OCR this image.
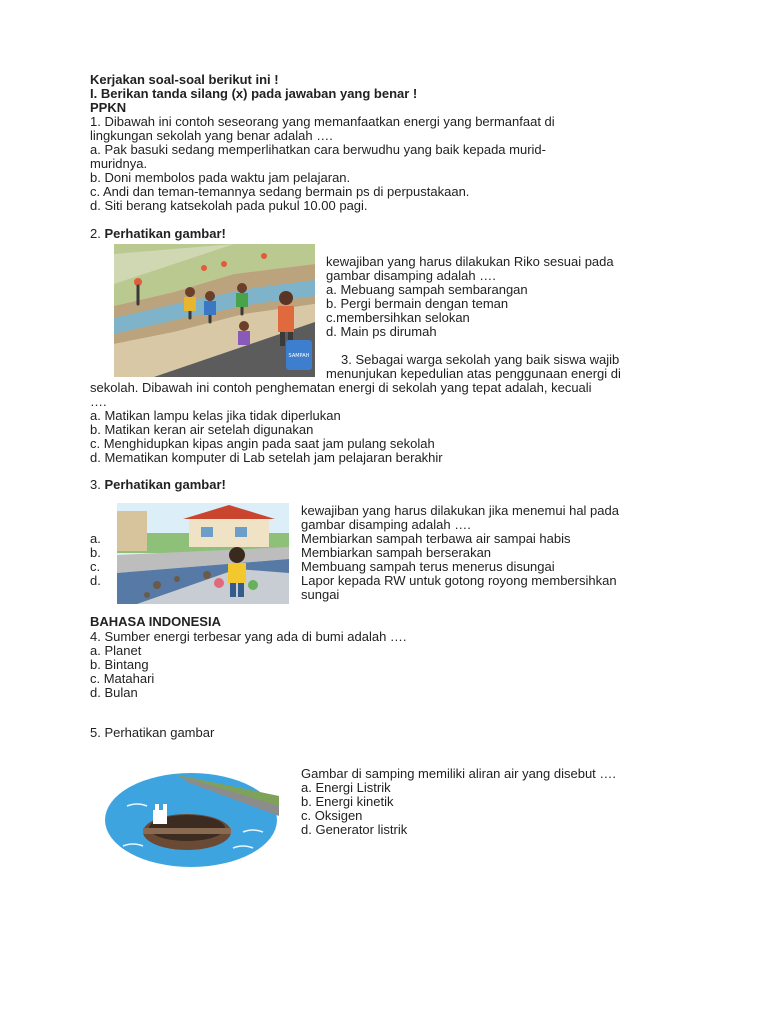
Kerjakan soal-soal berikut ini !
I. Berikan tanda silang (x) pada jawaban yang benar !
PPKN
1. Dibawah ini contoh seseorang yang memanfaatkan energi yang bermanfaat di
lingkungan sekolah yang benar adalah ….
a. Pak basuki sedang memperlihatkan cara berwudhu yang baik kepada murid-
muridnya.
b. Doni membolos pada waktu jam pelajaran.
c. Andi dan teman-temannya sedang bermain ps di perpustakaan.
d. Siti berang katsekolah pada pukul 10.00 pagi.
2. Perhatikan gambar!
SAMPAH
kewajiban yang harus dilakukan Riko sesuai pada
gambar disamping adalah ….
a. Mebuang sampah sembarangan
b. Pergi bermain dengan teman
c.membersihkan selokan
d. Main ps dirumah
3. Sebagai warga sekolah yang baik siswa wajib
menunjukan kepedulian atas penggunaan energi di
sekolah. Dibawah ini contoh penghematan energi di sekolah yang tepat adalah, kecuali
….
a. Matikan lampu kelas jika tidak diperlukan
b. Matikan keran air setelah digunakan
c. Menghidupkan kipas angin pada saat jam pulang sekolah
d. Mematikan komputer di Lab setelah jam pelajaran berakhir
3. Perhatikan gambar!
kewajiban yang harus dilakukan jika menemui hal pada
gambar disamping adalah ….
a.	Membiarkan sampah terbawa air sampai habis
b.	Membiarkan sampah berserakan
c.	Membuang sampah terus menerus disungai
d.	Lapor kepada RW untuk gotong royong membersihkan
sungai
BAHASA INDONESIA
4. Sumber energi terbesar yang ada di bumi adalah ….
a. Planet
b. Bintang
c. Matahari
d. Bulan
5. Perhatikan gambar
Gambar di samping memiliki aliran air yang disebut ….
a. Energi Listrik
b. Energi kinetik
c. Oksigen
d. Generator listrik
